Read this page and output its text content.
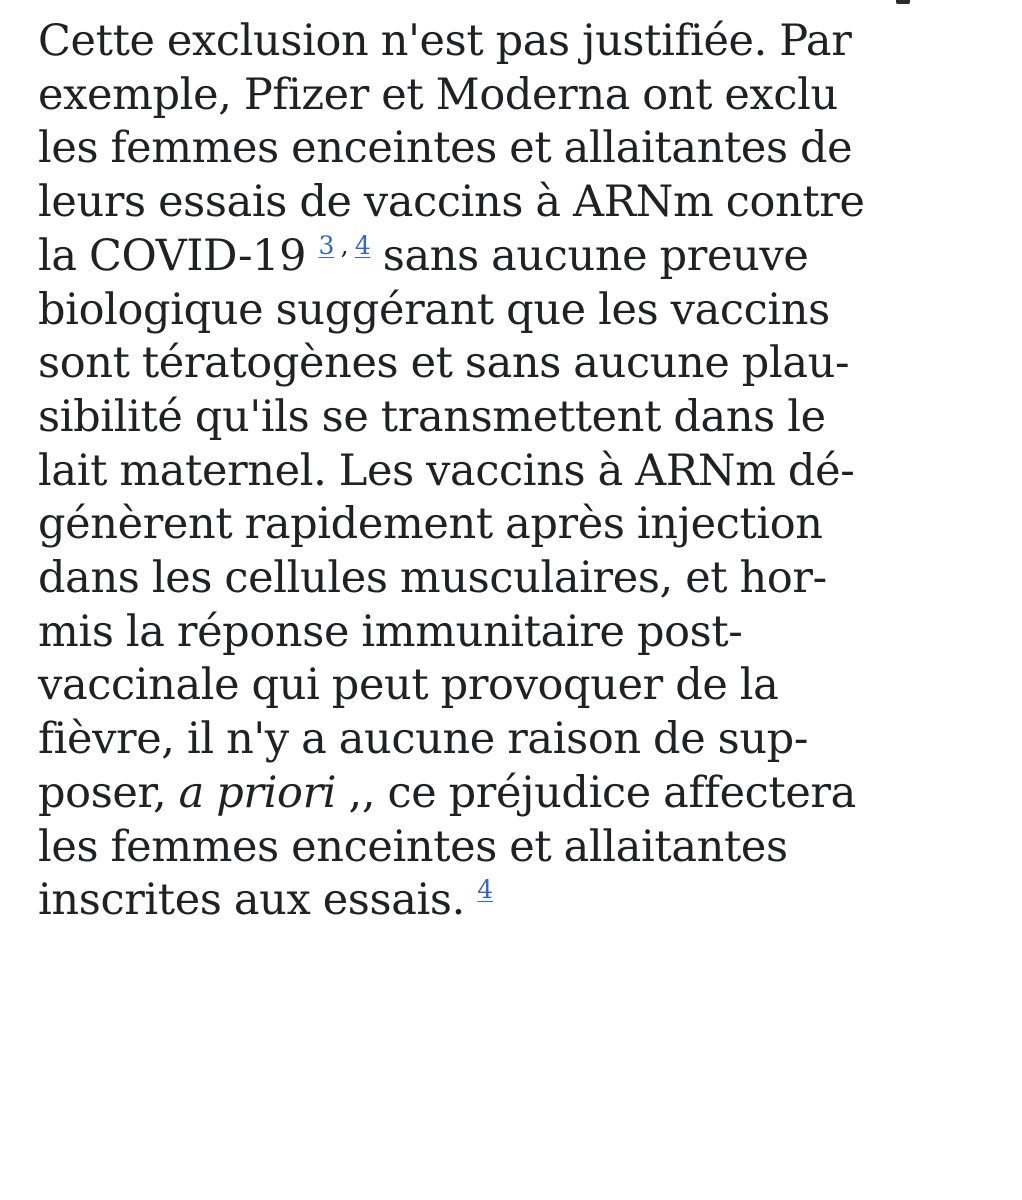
Cette exclusion n'est pas justifiée. Par
exemple, Pfizer et Moderna ont exclu
les femmes enceintes et allaitantes de
leurs essais de vaccins à ARNm contre
la COVID-19 $^3$ , $^4$ sans aucune preuve
biologique suggérant que les vaccins
sont tératogènes et sans aucune plau-
sibilité qu'ils se transmettent dans le
lait maternel. Les vaccins à ARNm dé-
génèrent rapidement après injection
dans les cellules musculaires, et hor-
mis la réponse immunitaire post-
vaccinale qui peut provoquer de la
fièvre, il n'y a aucune raison de sup-
poser, a priori ,, ce préjudice affectera
les femmes enceintes et allaitantes
inscrites aux essais. $^4$
